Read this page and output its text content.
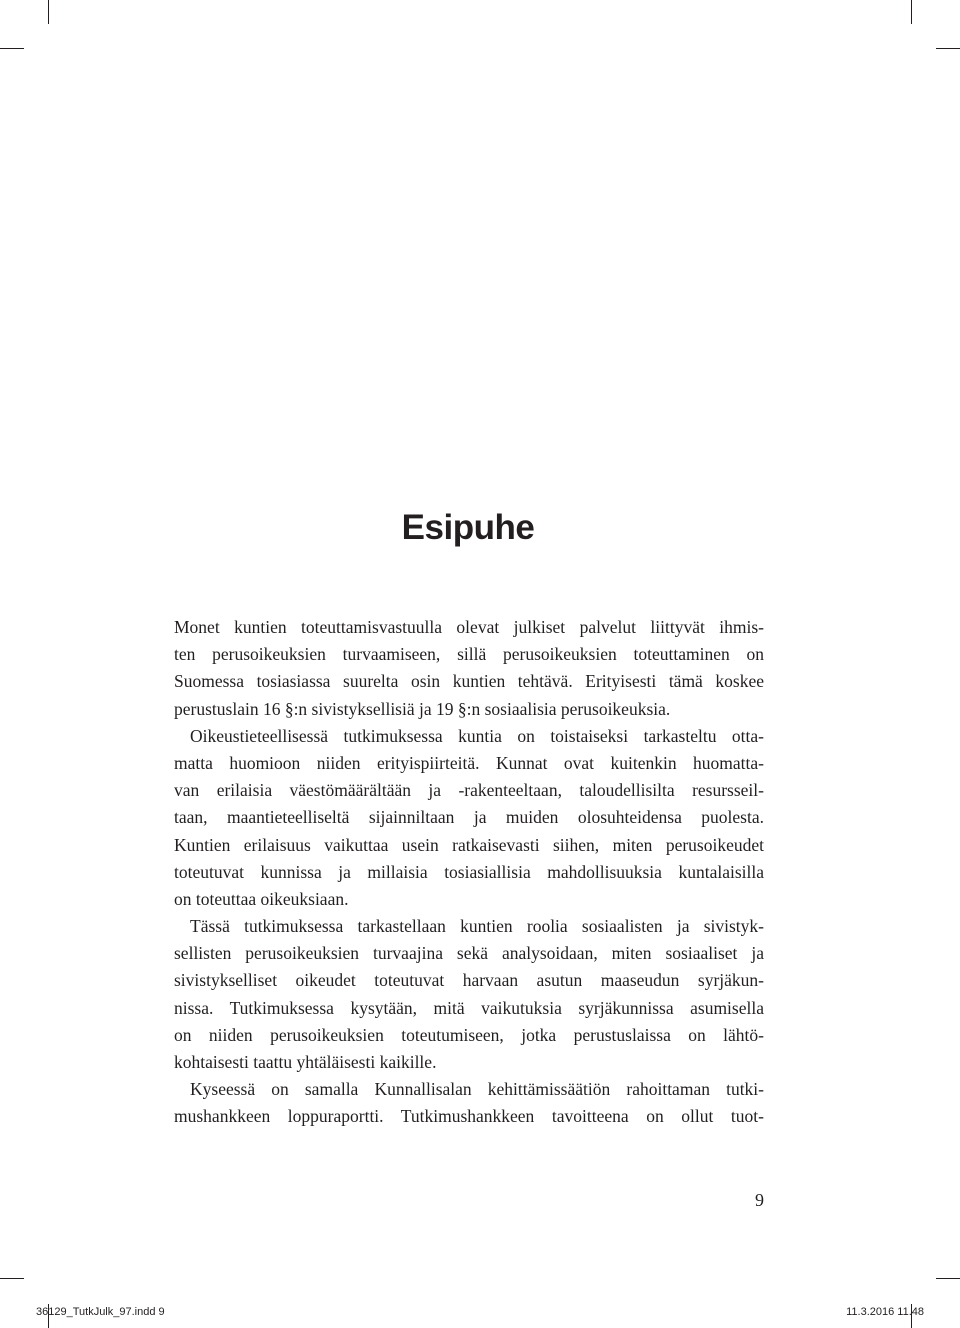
Esipuhe
Monet kuntien toteuttamisvastuulla olevat julkiset palvelut liittyvät ihmis-
ten perusoikeuksien turvaamiseen, sillä perusoikeuksien toteuttaminen on
Suomessa tosiasiassa suurelta osin kuntien tehtävä. Erityisesti tämä koskee
perustuslain 16 §:n sivistyksellisiä ja 19 §:n sosiaalisia perusoikeuksia.
Oikeustieteellisessä tutkimuksessa kuntia on toistaiseksi tarkasteltu otta-
matta huomioon niiden erityispiirteitä. Kunnat ovat kuitenkin huomatta-
van erilaisia väestömäärältään ja -rakenteeltaan, taloudellisilta resursseil-
taan, maantieteelliseltä sijainniltaan ja muiden olosuhteidensa puolesta.
Kuntien erilaisuus vaikuttaa usein ratkaisevasti siihen, miten perusoikeudet
toteutuvat kunnissa ja millaisia tosiasiallisia mahdollisuuksia kuntalaisilla
on toteuttaa oikeuksiaan.
Tässä tutkimuksessa tarkastellaan kuntien roolia sosiaalisten ja sivistyk-
sellisten perusoikeuksien turvaajina sekä analysoidaan, miten sosiaaliset ja
sivistykselliset oikeudet toteutuvat harvaan asutun maaseudun syrjäkun-
nissa. Tutkimuksessa kysytään, mitä vaikutuksia syrjäkunnissa asumisella
on niiden perusoikeuksien toteutumiseen, jotka perustuslaissa on lähtö-
kohtaisesti taattu yhtäläisesti kaikille.
Kyseessä on samalla Kunnallisalan kehittämissäätiön rahoittaman tutki-
mushankkeen loppuraportti. Tutkimushankkeen tavoitteena on ollut tuot-

9

36129_TutkJulk_97.indd 9	11.3.2016 11.48
